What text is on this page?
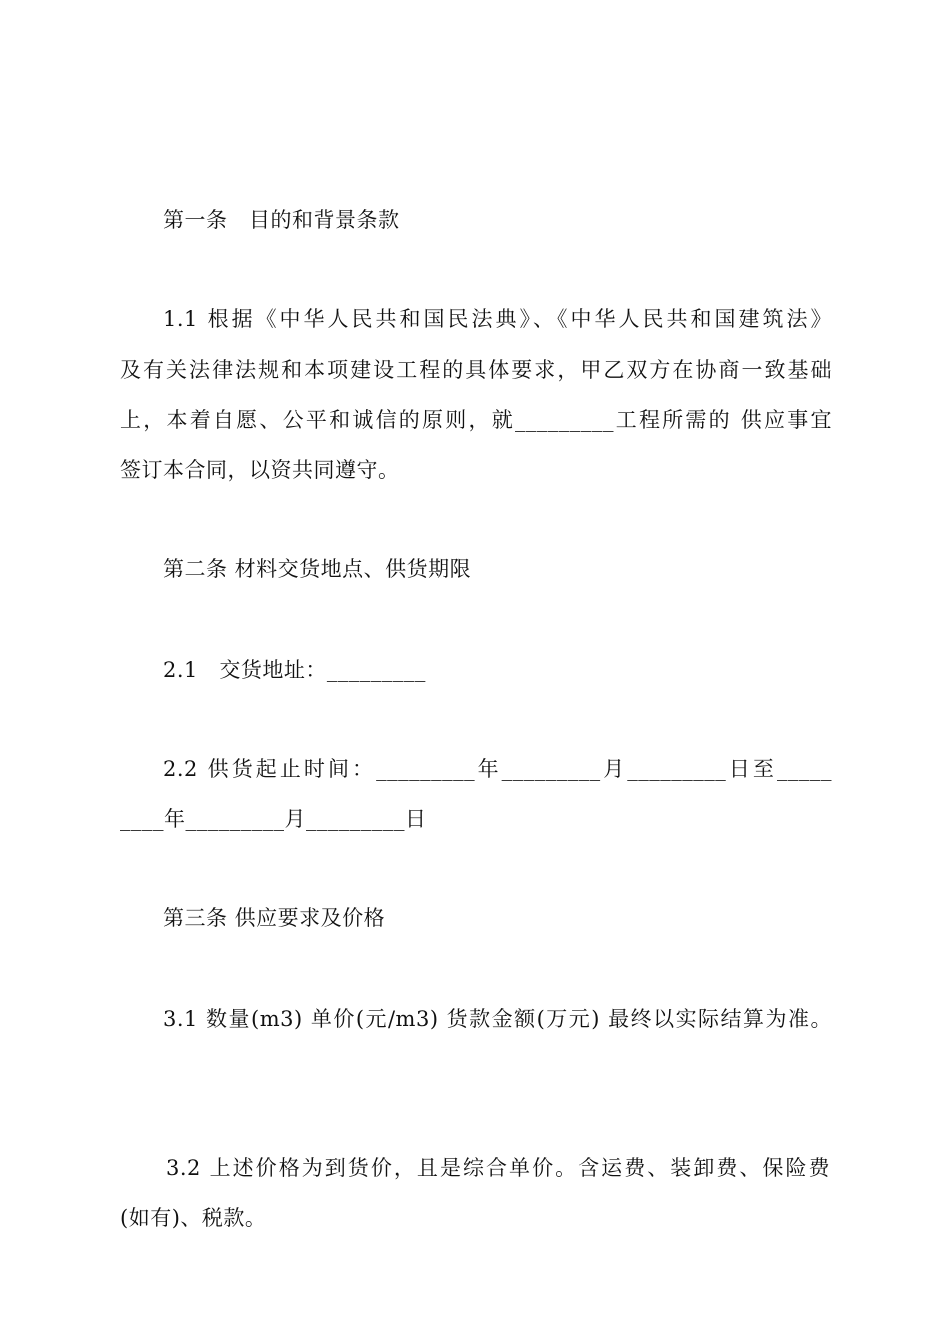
第一条   目的和背景条款
1.1 根据《中华人民共和国民法典》、《中华人民共和国建筑法》
及有关法律法规和本项建设工程的具体要求，甲乙双方在协商一致基础
上，本着自愿、公平和诚信的原则，就_________工程所需的 供应事宜
签订本合同，以资共同遵守。
第二条 材料交货地点、供货期限
2.1   交货地址：_________
2.2 供货起止时间：_________年_________月_________日至_____
____年_________月_________日
第三条 供应要求及价格
3.1 数量(m3) 单价(元/m3) 货款金额(万元) 最终以实际结算为准。
3.2 上述价格为到货价，且是综合单价。含运费、装卸费、保险费
(如有)、税款。
